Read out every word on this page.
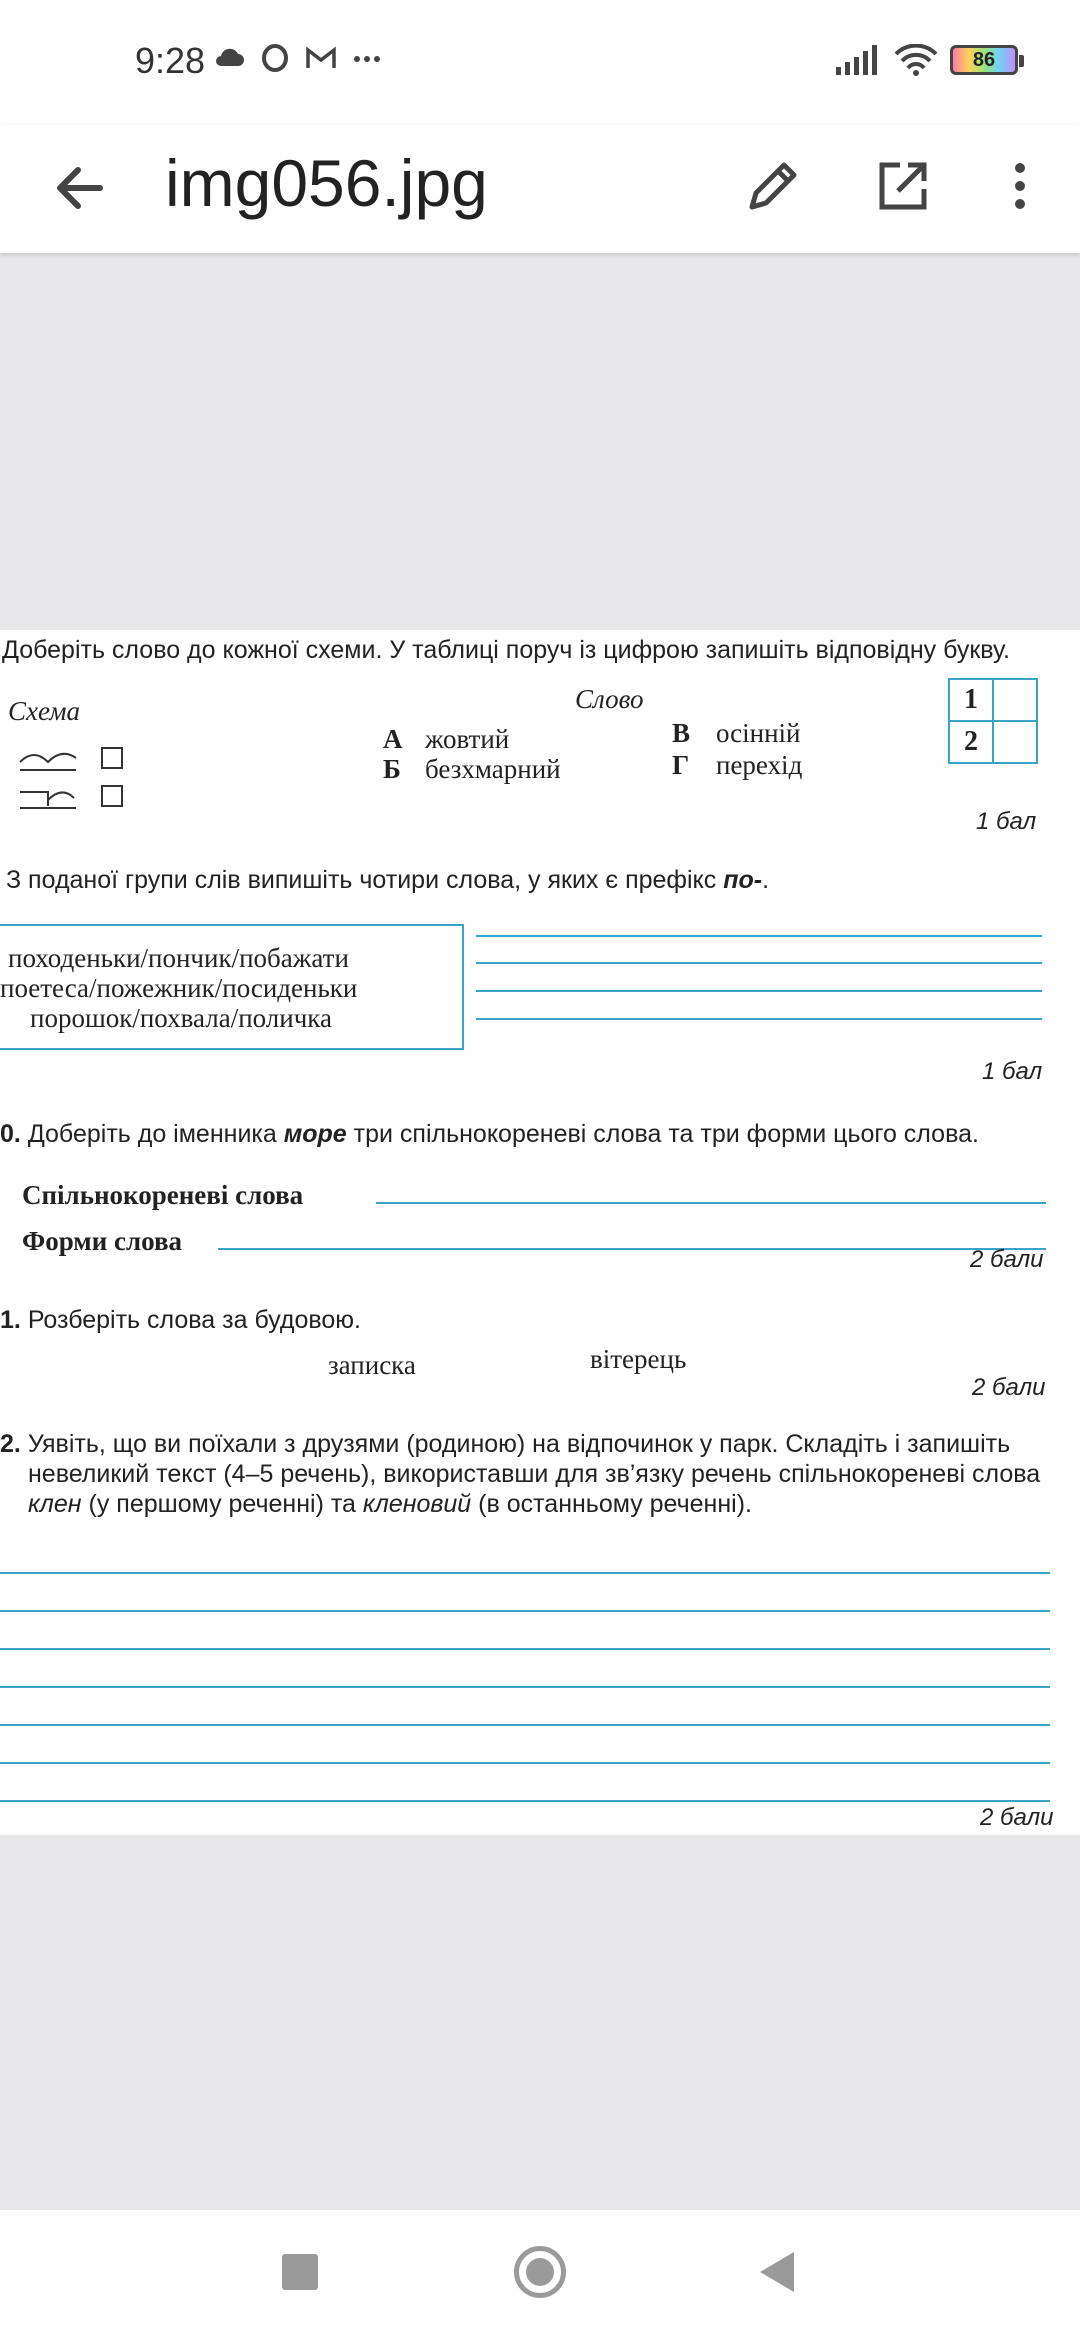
9:28	86
img056.jpg
Доберіть слово до кожної схеми. У таблиці поруч із цифрою запишіть відповідну букву.
Схема	Слово
А жовтий
Б безхмарний
В осінній
Г перехід
1	
2	
1 бал
З поданої групи слів випишіть чотири слова, у яких є префікс по-.
походеньки/пончик/побажати
поетеса/пожежник/посиденьки
порошок/похвала/поличка
1 бал
0. Доберіть до іменника море три спільнокореневі слова та три форми цього слова.
Спільнокореневі слова
Форми слова
2 бали
1. Розберіть слова за будовою.
записка	вітерець
2 бали
2. Уявіть, що ви поїхали з друзями (родиною) на відпочинок у парк. Складіть і запишіть
невеликий текст (4–5 речень), використавши для зв’язку речень спільнокореневі слова
клен (у першому реченні) та кленовий (в останньому реченні).
2 бали
